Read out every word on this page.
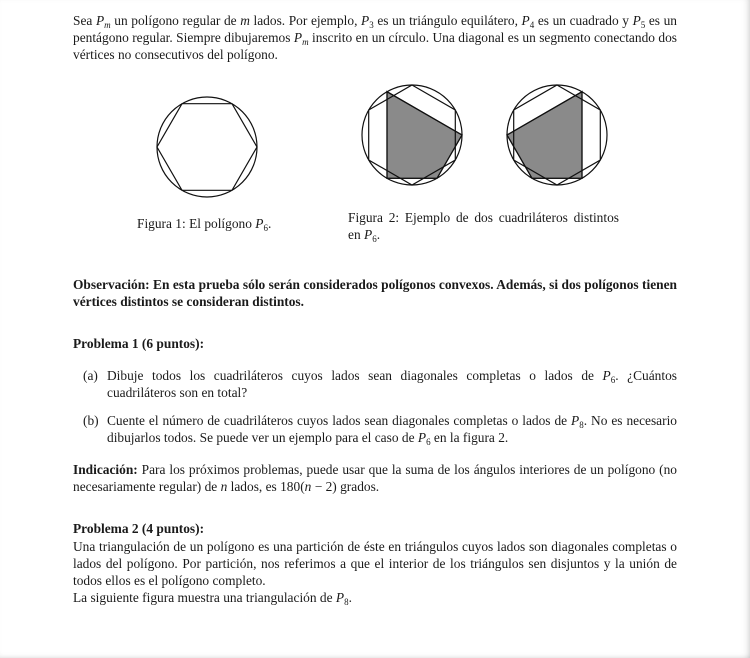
Sea $P_m$ un polígono regular de m lados. Por ejemplo, $P_3$ es un triángulo equilátero, $P_4$ es un cuadrado y $P_5$ es un pentágono regular. Siempre dibujaremos $P_m$ inscrito en un círculo. Una diagonal es un segmento conectando dos vértices no consecutivos del polígono.

Figura 1: El polígono $P_6$.	Figura 2: Ejemplo de dos cuadriláteros distintos en $P_6$.

Observación: En esta prueba sólo serán considerados polígonos convexos. Además, si dos polígonos tienen vértices distintos se consideran distintos.

Problema 1 (6 puntos):

(a) Dibuje todos los cuadriláteros cuyos lados sean diagonales completas o lados de $P_6$. ¿Cuántos cuadriláteros son en total?
(b) Cuente el número de cuadriláteros cuyos lados sean diagonales completas o lados de $P_8$. No es necesario dibujarlos todos. Se puede ver un ejemplo para el caso de $P_6$ en la figura 2.

Indicación: Para los próximos problemas, puede usar que la suma de los ángulos interiores de un polígono (no necesariamente regular) de n lados, es 180(n − 2) grados.

Problema 2 (4 puntos):

Una triangulación de un polígono es una partición de éste en triángulos cuyos lados son diagonales completas o lados del polígono. Por partición, nos referimos a que el interior de los triángulos sen disjuntos y la unión de todos ellos es el polígono completo.
La siguiente figura muestra una triangulación de $P_8$.
